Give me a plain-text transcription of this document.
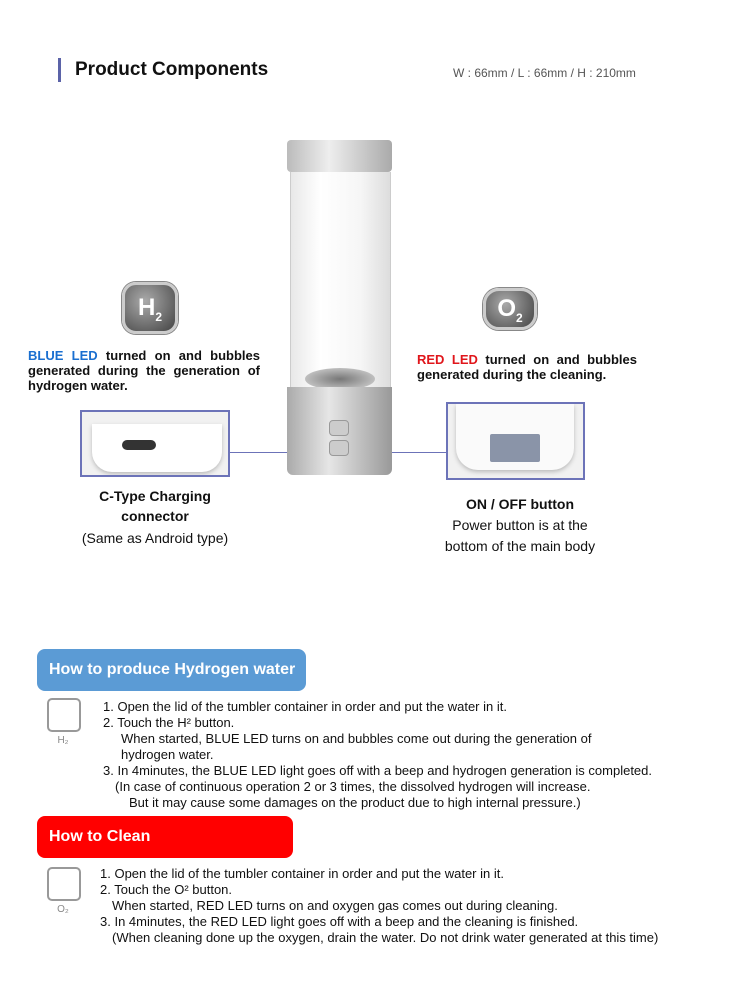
Product Components	W : 66mm / L : 66mm / H : 210mm
$H_2$	$O_2$
BLUE LED turned on and bubbles generated during the generation of hydrogen water.
RED LED turned on and bubbles generated during the cleaning.
C-Type Charging
connector
(Same as Android type)
ON / OFF button
Power button is at the
bottom of the main body
How to produce Hydrogen water
H₂
1. Open the lid of the tumbler container in order and put the water in it.
2. Touch the H² button.
When started, BLUE LED turns on and bubbles come out during the generation of
hydrogen water.
3. In 4minutes, the BLUE LED light goes off with a beep and hydrogen generation is completed.
(In case of continuous operation 2 or 3 times, the dissolved hydrogen will increase.
But it may cause some damages on the product due to high internal pressure.)
How to Clean
O₂
1. Open the lid of the tumbler container in order and put the water in it.
2. Touch the O² button.
When started, RED LED turns on and oxygen gas comes out during cleaning.
3. In 4minutes, the RED LED light goes off with a beep and the cleaning is finished.
(When cleaning done up the oxygen, drain the water. Do not drink water generated at this time)
